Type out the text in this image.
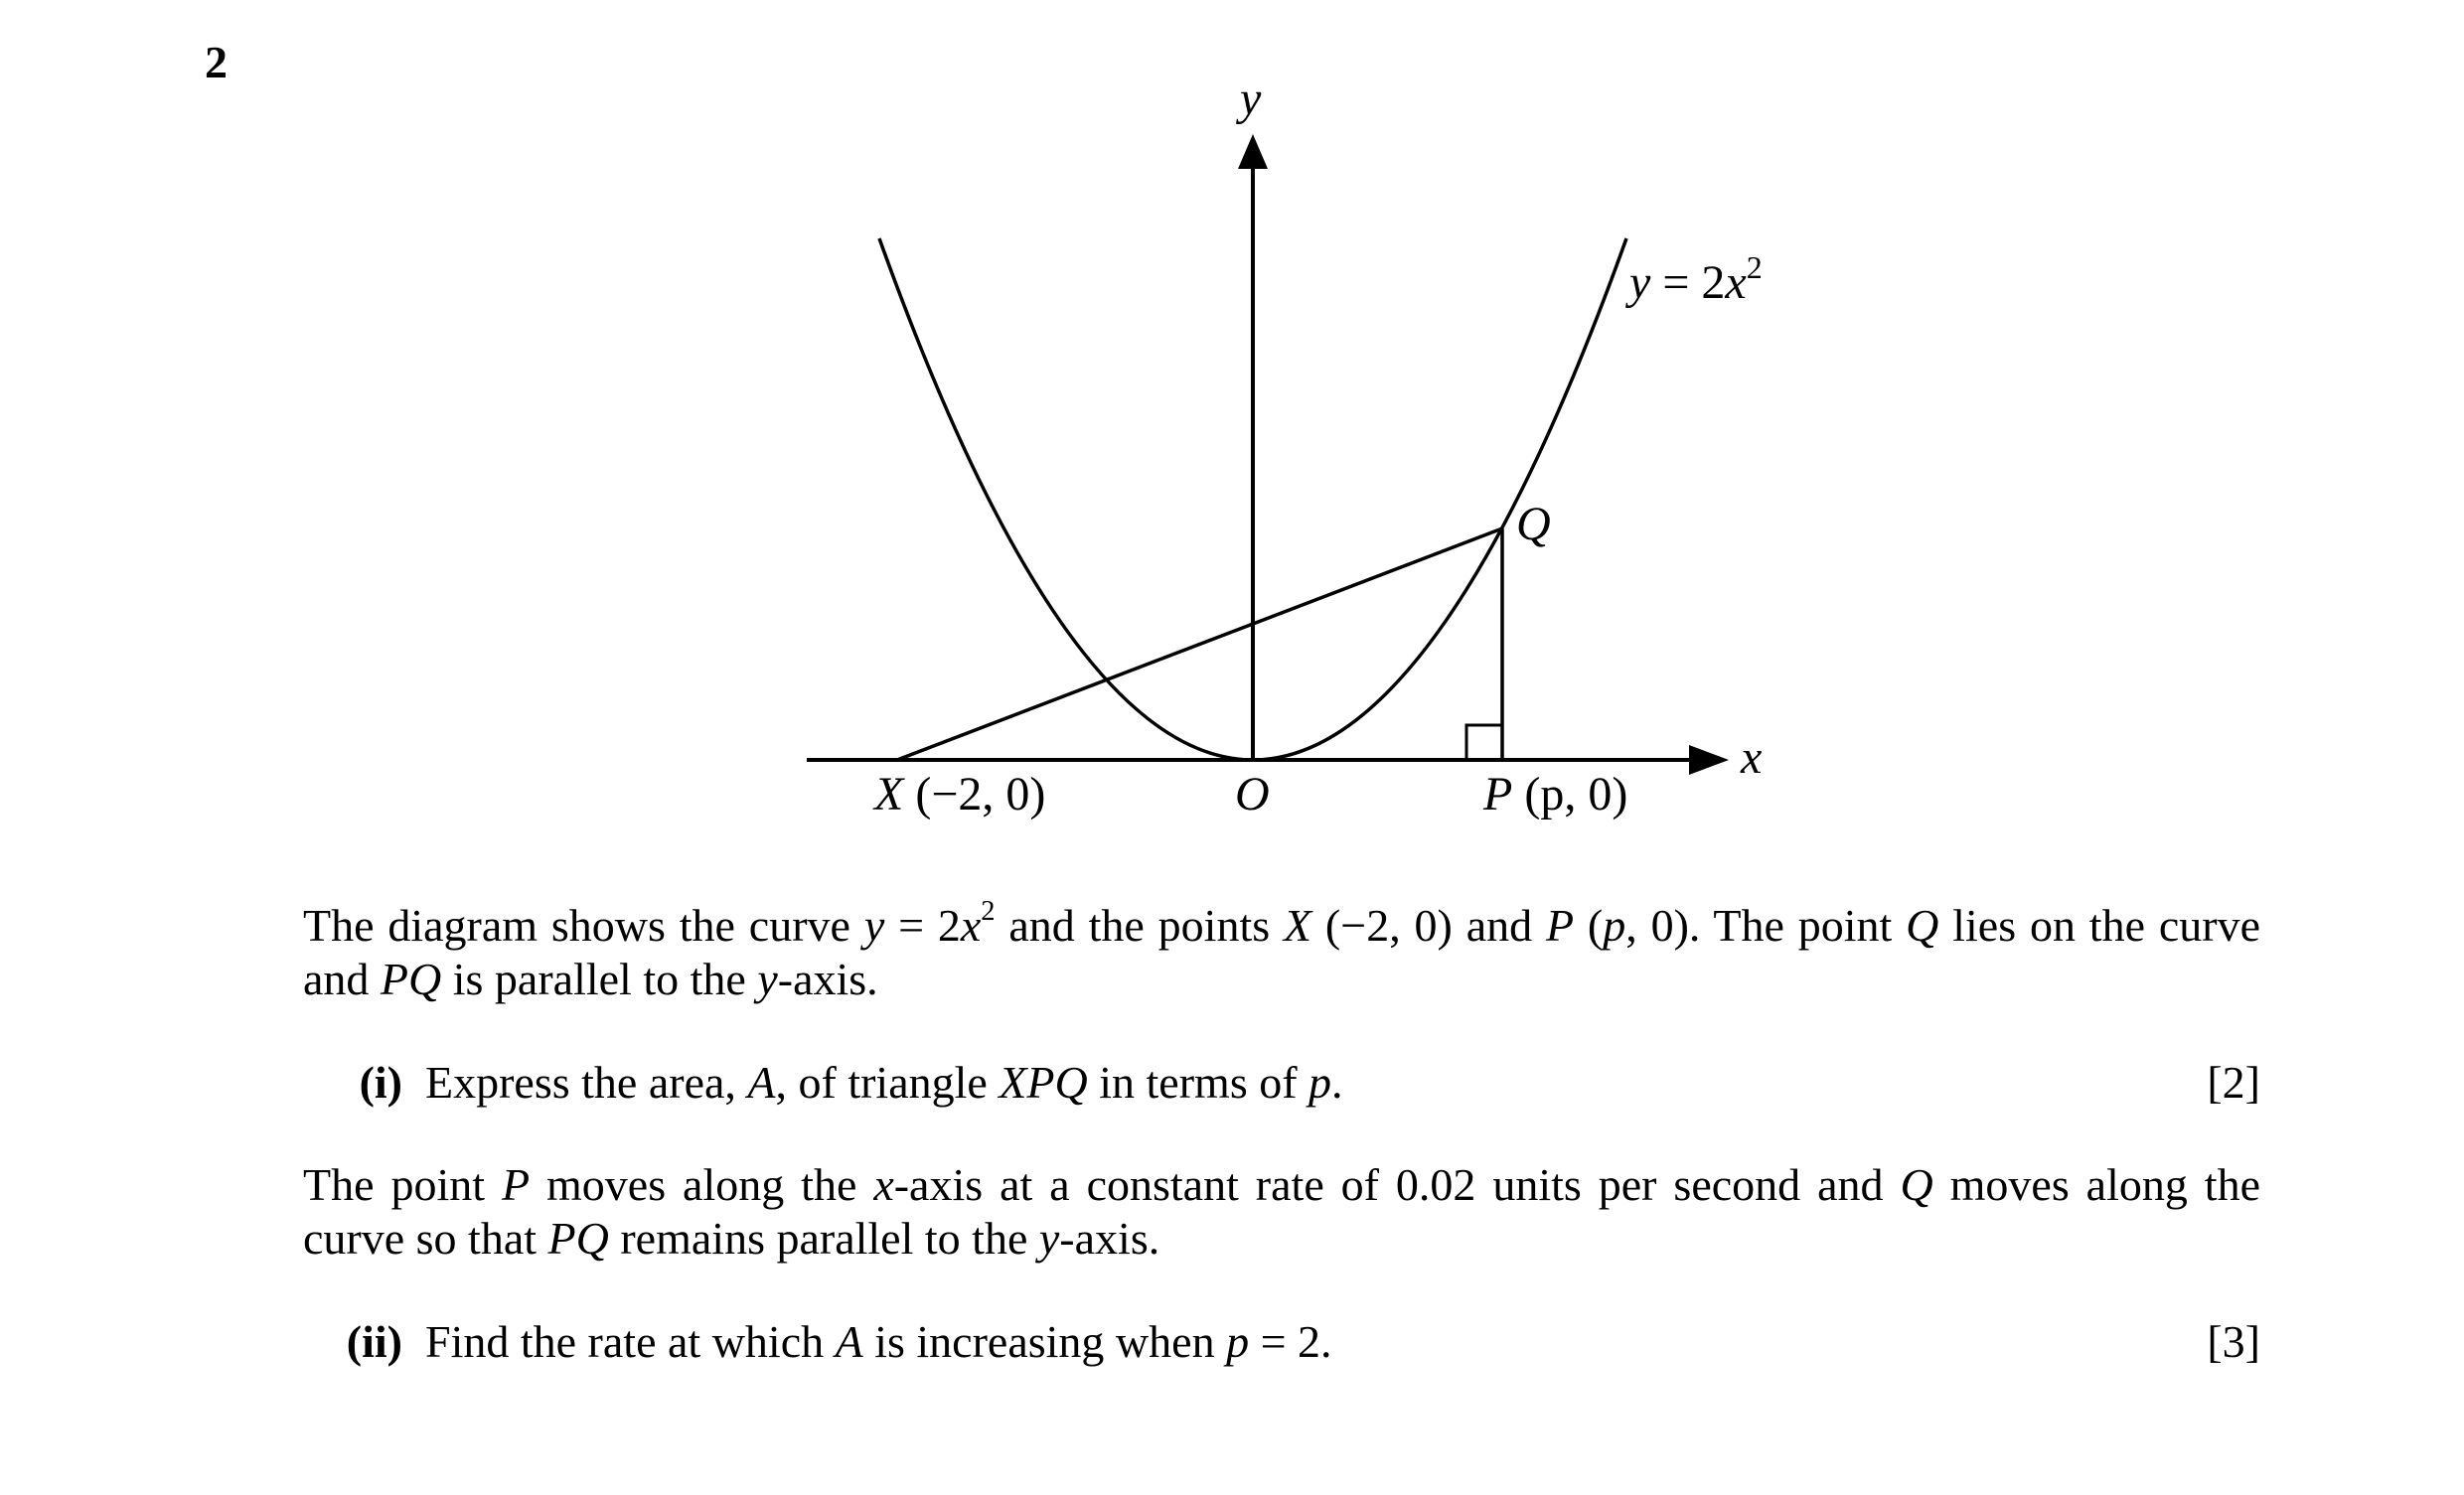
2
y
x
$y = 2x^2$
Q
X (−2, 0)	O	P (p, 0)
The diagram shows the curve $y = 2x^2$ and the points X (−2, 0) and P (p, 0). The point Q lies on the curve and PQ is parallel to the y-axis.
(i) Express the area, A, of triangle XPQ in terms of p.	[2]
The point P moves along the x-axis at a constant rate of 0.02 units per second and Q moves along the curve so that PQ remains parallel to the y-axis.
(ii) Find the rate at which A is increasing when p = 2.	[3]
